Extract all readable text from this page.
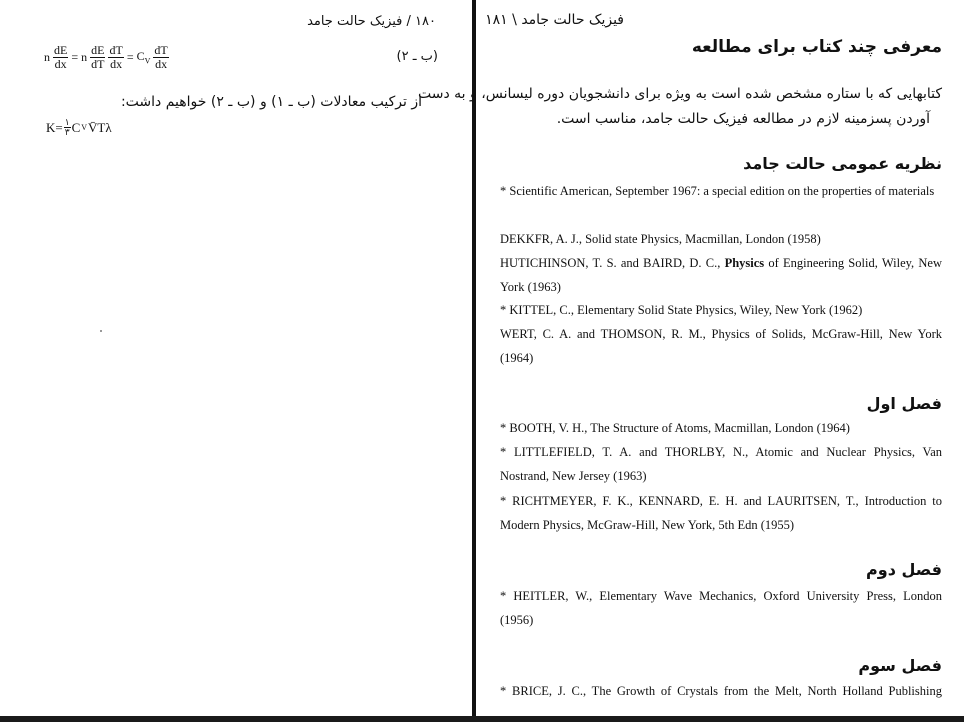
۱۸۰ / فیزیک حالت جامد
n $\frac{dE}{dx} = n \frac{dE}{dT} \frac{dT}{dx} = C_V \frac{dT}{dx}$	(ب ـ ۲)
از ترکیب معادلات (ب ـ ۱) و (ب ـ ۲) خواهیم داشت:
$K= \frac{۱}{۳}$ C V V̄Tλ
فیزیک حالت جامد \ ۱۸۱
معرفی چند کتاب برای مطالعه
کتابهایی که با ستاره مشخص شده است به ویژه برای دانشجویان دوره لیسانس، و به دست
آوردن پسزمینه لازم در مطالعه فیزیک حالت جامد، مناسب است.
نظریه عمومی حالت جامد
* Scientific American, September 1967: a special edition on the properties of materials
DEKKFR, A. J., Solid state Physics, Macmillan, London (1958)
HUTICHINSON, T. S. and BAIRD, D. C., Physics of Engineering Solid, Wiley, New York (1963)
* KITTEL, C., Elementary Solid State Physics, Wiley, New York (1962)
WERT, C. A. and THOMSON, R. M., Physics of Solids, McGraw-Hill, New York (1964)
فصل اول
* BOOTH, V. H., The Structure of Atoms, Macmillan, London (1964)
* LITTLEFIELD, T. A. and THORLBY, N., Atomic and Nuclear Physics, Van Nostrand, New Jersey (1963)
* RICHTMEYER, F. K., KENNARD, E. H. and LAURITSEN, T., Introduction to Modern Physics, McGraw-Hill, New York, 5th Edn (1955)
فصل دوم
* HEITLER, W., Elementary Wave Mechanics, Oxford University Press, London (1956)
فصل سوم
* BRICE, J. C., The Growth of Crystals from the Melt, North Holland Publishing
